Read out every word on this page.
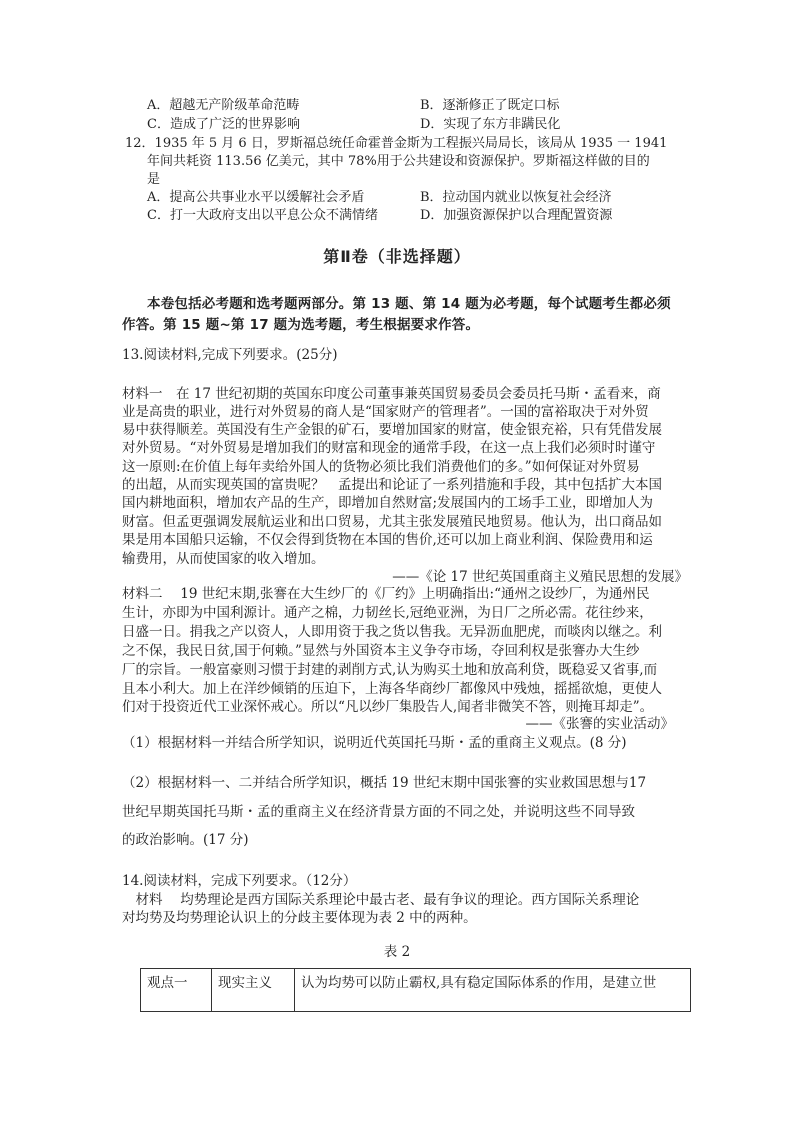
A．超越无产阶级革命范畴	B．逐渐修正了既定口标
C．造成了广泛的世界影响	D．实现了东方非蹒民化
12．1935 年 5 月 6 日，罗斯福总统任命霍普金斯为工程振兴局局长，该局从 1935 一 1941
年间共耗资 113.56 亿美元，其中 78%用于公共建设和资源保护。罗斯福这样做的目的
是
A．提高公共事业水平以缓解社会矛盾	B．拉动国内就业以恢复社会经济
C．打一大政府支出以平息公众不满情绪	D．加强资源保护以合理配置资源
第Ⅱ卷（非选择题）
本卷包括必考题和选考题两部分。第 13 题、第 14 题为必考题，每个试题考生都必须
作答。第 15 题~第 17 题为选考题，考生根据要求作答。
13.阅读材料,完成下列要求。(25分)
材料一　在 17 世纪初期的英国东印度公司董事兼英国贸易委员会委员托马斯・孟看来，商
业是高贵的职业，进行对外贸易的商人是“国家财产的管理者”。一国的富裕取决于对外贸
易中获得顺差。英国没有生产金银的矿石，要增加国家的财富，使金银充裕，只有凭借发展
对外贸易。“对外贸易是增加我们的财富和现金的通常手段，在这一点上我们必须时时谨守
这一原则:在价值上每年卖给外国人的货物必须比我们消费他们的多。”如何保证对外贸易
的出超，从而实现英国的富贵呢？　孟提出和论证了一系列措施和手段，其中包括扩大本国
国内耕地面积，增加农产品的生产，即增加自然财富;发展国内的工场手工业，即增加人为
财富。但孟更强调发展航运业和出口贸易，尤其主张发展殖民地贸易。他认为，出口商品如
果是用本国船只运输，不仅会得到货物在本国的售价,还可以加上商业利润、保险费用和运
输费用，从而使国家的收入增加。
——《论 17 世纪英国重商主义殖民思想的发展》
材料二　 19 世纪末期,张謇在大生纱厂的《厂约》上明确指出:“通州之设纱厂，为通州民
生计，亦即为中国利源计。通产之棉，力韧丝长,冠绝亚洲，为日厂之所必需。花往纱来，
日盛一日。捐我之产以资人，人即用资于我之货以售我。无异沥血肥虎，而啖肉以继之。利
之不保，我民日贫,国于何赖。”显然与外国资本主义争夺市场，夺回利权是张謇办大生纱
厂的宗旨。一般富豪则习惯于封建的剥削方式,认为购买土地和放高利贷，既稳妥又省事,而
且本小利大。加上在洋纱倾销的压迫下，上海各华商纱厂都像风中残烛，摇摇欲熄，更使人
们对于投资近代工业深怀戒心。所以“凡以纱厂集股告人,闻者非微笑不答，则掩耳却走”。
——《张謇的实业活动》
（1）根据材料一并结合所学知识，说明近代英国托马斯・孟的重商主义观点。(8 分)
（2）根据材料一、二并结合所学知识，概括 19 世纪末期中国张謇的实业救国思想与17
世纪早期英国托马斯・孟的重商主义在经济背景方面的不同之处，并说明这些不同导致
的政治影响。(17 分)
14.阅读材料，完成下列要求。（12分）
　材料　 均势理论是西方国际关系理论中最古老、最有争议的理论。西方国际关系理论
对均势及均势理论认识上的分歧主要体现为表 2 中的两种。
表 2
观点一	现实主义	认为均势可以防止霸权,具有稳定国际体系的作用，是建立世
